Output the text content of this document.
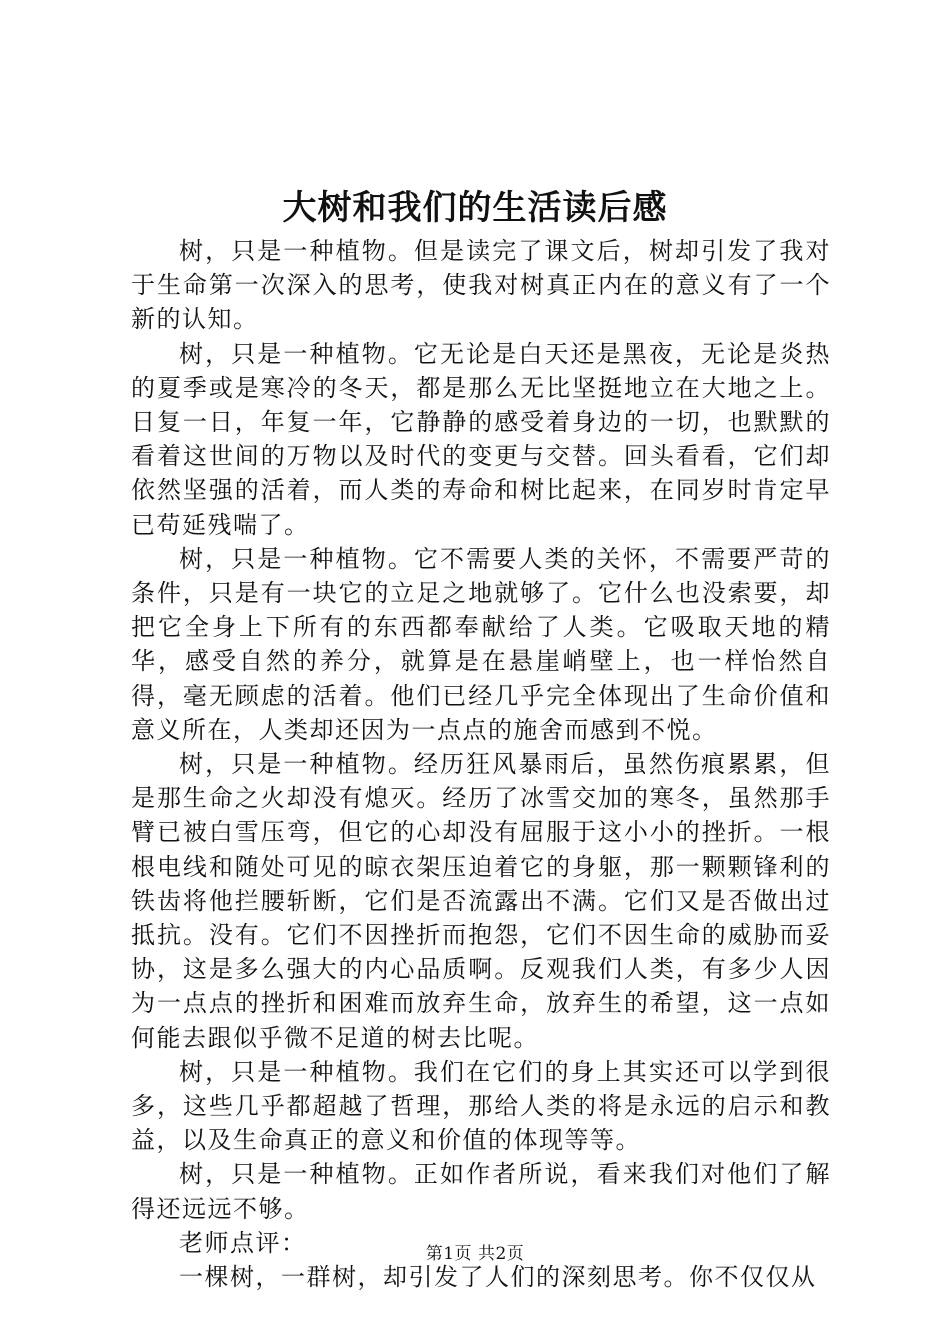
大树和我们的生活读后感

树，只是一种植物。但是读完了课文后，树却引发了我对于生命第一次深入的思考，使我对树真正内在的意义有了一个新的认知。

树，只是一种植物。它无论是白天还是黑夜，无论是炎热的夏季或是寒冷的冬天，都是那么无比坚挺地立在大地之上。日复一日，年复一年，它静静的感受着身边的一切，也默默的看着这世间的万物以及时代的变更与交替。回头看看，它们却依然坚强的活着，而人类的寿命和树比起来，在同岁时肯定早已苟延残喘了。

树，只是一种植物。它不需要人类的关怀，不需要严苛的条件，只是有一块它的立足之地就够了。它什么也没索要，却把它全身上下所有的东西都奉献给了人类。它吸取天地的精华，感受自然的养分，就算是在悬崖峭壁上，也一样怡然自得，毫无顾虑的活着。他们已经几乎完全体现出了生命价值和意义所在，人类却还因为一点点的施舍而感到不悦。

树，只是一种植物。经历狂风暴雨后，虽然伤痕累累，但是那生命之火却没有熄灭。经历了冰雪交加的寒冬，虽然那手臂已被白雪压弯，但它的心却没有屈服于这小小的挫折。一根根电线和随处可见的晾衣架压迫着它的身躯，那一颗颗锋利的铁齿将他拦腰斩断，它们是否流露出不满。它们又是否做出过抵抗。没有。它们不因挫折而抱怨，它们不因生命的威胁而妥协，这是多么强大的内心品质啊。反观我们人类，有多少人因为一点点的挫折和困难而放弃生命，放弃生的希望，这一点如何能去跟似乎微不足道的树去比呢。

树，只是一种植物。我们在它们的身上其实还可以学到很多，这些几乎都超越了哲理，那给人类的将是永远的启示和教益，以及生命真正的意义和价值的体现等等。

树，只是一种植物。正如作者所说，看来我们对他们了解得还远远不够。

老师点评：

一棵树，一群树，却引发了人们的深刻思考。你不仅仅从

第1页 共2页
